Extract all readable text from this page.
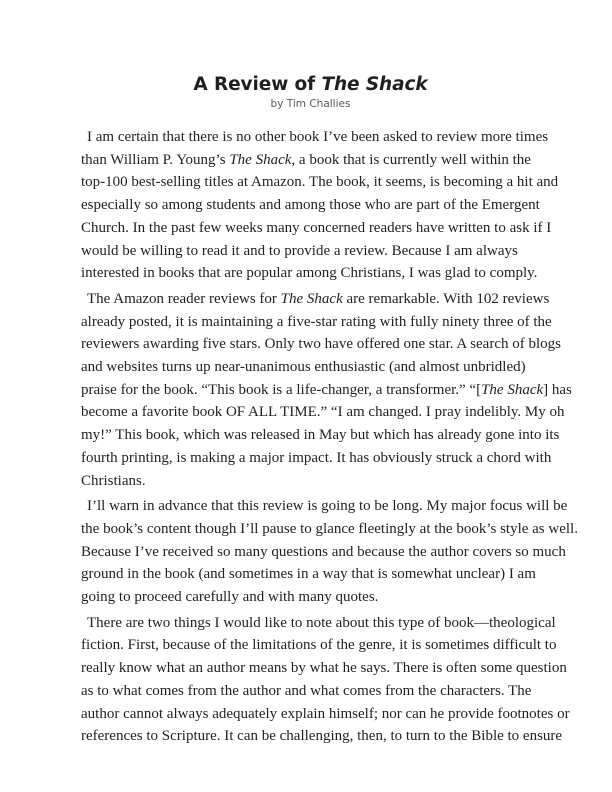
A Review of The Shack
by Tim Challies
I am certain that there is no other book I’ve been asked to review more times
than William P. Young’s The Shack, a book that is currently well within the
top-100 best-selling titles at Amazon. The book, it seems, is becoming a hit and
especially so among students and among those who are part of the Emergent
Church. In the past few weeks many concerned readers have written to ask if I
would be willing to read it and to provide a review. Because I am always
interested in books that are popular among Christians, I was glad to comply.
The Amazon reader reviews for The Shack are remarkable. With 102 reviews
already posted, it is maintaining a five-star rating with fully ninety three of the
reviewers awarding five stars. Only two have offered one star. A search of blogs
and websites turns up near-unanimous enthusiastic (and almost unbridled)
praise for the book. “This book is a life-changer, a transformer.” “[The Shack] has
become a favorite book OF ALL TIME.” “I am changed. I pray indelibly. My oh
my!” This book, which was released in May but which has already gone into its
fourth printing, is making a major impact. It has obviously struck a chord with
Christians.
I’ll warn in advance that this review is going to be long. My major focus will be
the book’s content though I’ll pause to glance fleetingly at the book’s style as well.
Because I’ve received so many questions and because the author covers so much
ground in the book (and sometimes in a way that is somewhat unclear) I am
going to proceed carefully and with many quotes.
There are two things I would like to note about this type of book—theological
fiction. First, because of the limitations of the genre, it is sometimes difficult to
really know what an author means by what he says. There is often some question
as to what comes from the author and what comes from the characters. The
author cannot always adequately explain himself; nor can he provide footnotes or
references to Scripture. It can be challenging, then, to turn to the Bible to ensure
